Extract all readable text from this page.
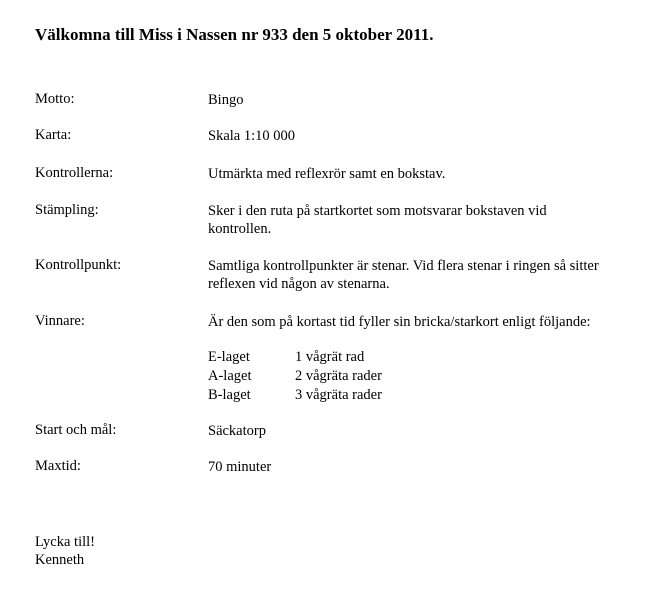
Välkomna till Miss i Nassen nr 933 den 5 oktober 2011.
Motto:	Bingo
Karta:	Skala 1:10 000
Kontrollerna:	Utmärkta med reflexrör samt en bokstav.
Stämpling:	Sker i den ruta på startkortet som motsvarar bokstaven vid kontrollen.
Kontrollpunkt:	Samtliga kontrollpunkter är stenar. Vid flera stenar i ringen så sitter reflexen vid någon av stenarna.
Vinnare:	Är den som på kortast tid fyller sin bricka/starkort enligt följande:
E-laget	1 vågrät rad
A-laget	2 vågräta rader
B-laget	3 vågräta rader
Start och mål:	Säckatorp
Maxtid:	70 minuter
Lycka till!
Kenneth
